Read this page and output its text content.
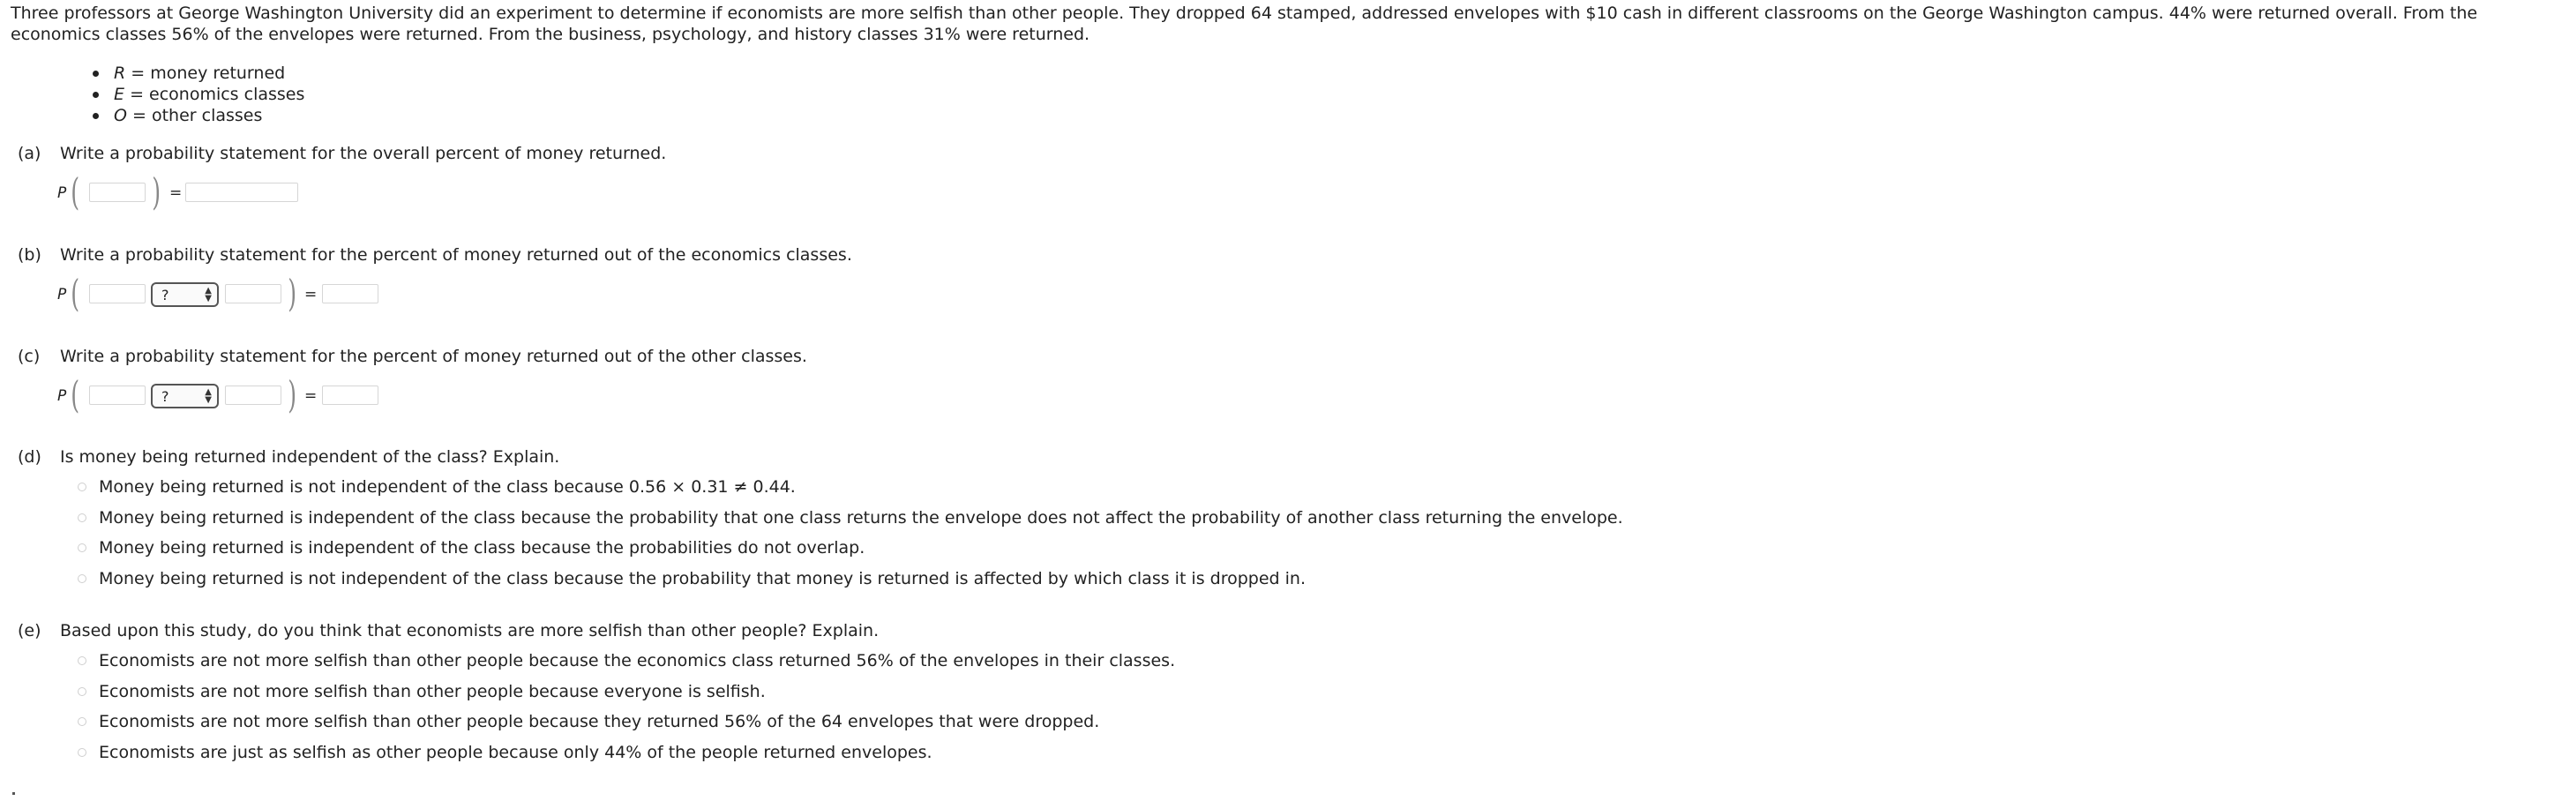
Three professors at George Washington University did an experiment to determine if economists are more selfish than other people. They dropped 64 stamped, addressed envelopes with $10 cash in different classrooms on the George Washington campus. 44% were returned overall. From the economics classes 56% of the envelopes were returned. From the business, psychology, and history classes 31% were returned.
R = money returned
E = economics classes
O = other classes
(a) Write a probability statement for the overall percent of money returned.
P ( ) =
(b) Write a probability statement for the percent of money returned out of the economics classes.
P (	?	▲
▼ ) =
(c) Write a probability statement for the percent of money returned out of the other classes.
P (	?	▲
▼ ) =
(d) Is money being returned independent of the class? Explain.
Money being returned is not independent of the class because 0.56 × 0.31 ≠ 0.44.
Money being returned is independent of the class because the probability that one class returns the envelope does not affect the probability of another class returning the envelope.
Money being returned is independent of the class because the probabilities do not overlap.
Money being returned is not independent of the class because the probability that money is returned is affected by which class it is dropped in.
(e) Based upon this study, do you think that economists are more selfish than other people? Explain.
Economists are not more selfish than other people because the economics class returned 56% of the envelopes in their classes.
Economists are not more selfish than other people because everyone is selfish.
Economists are not more selfish than other people because they returned 56% of the 64 envelopes that were dropped.
Economists are just as selfish as other people because only 44% of the people returned envelopes.
